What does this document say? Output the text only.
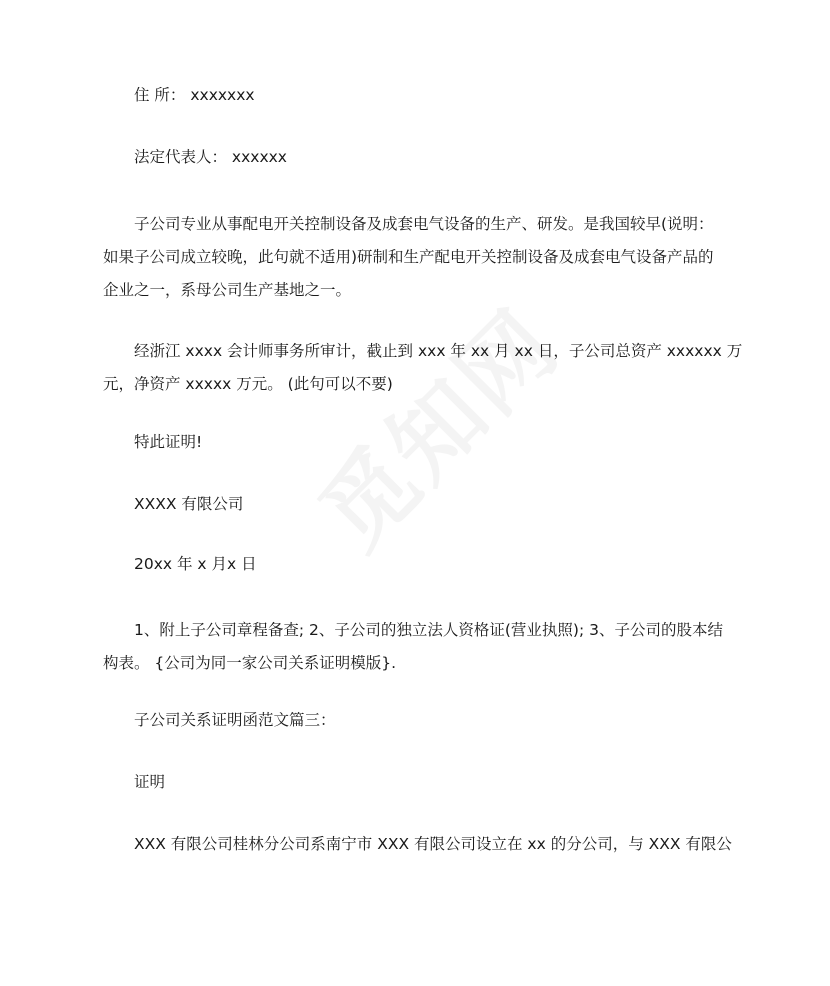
住 所： xxxxxxx

法定代表人： xxxxxx

子公司专业从事配电开关控制设备及成套电气设备的生产、研发。是我国较早(说明：
如果子公司成立较晚，此句就不适用)研制和生产配电开关控制设备及成套电气设备产品的
企业之一，系母公司生产基地之一。
经浙江 xxxx 会计师事务所审计，截止到 xxx 年 xx 月 xx 日，子公司总资产 xxxxxx 万
元，净资产 xxxxx 万元。 (此句可以不要)

特此证明!

XXXX 有限公司

20xx 年 x 月x 日

1、附上子公司章程备查; 2、子公司的独立法人资格证(营业执照); 3、子公司的股本结
构表。 {公司为同一家公司关系证明模版}.

子公司关系证明函范文篇三：

证明

XXX 有限公司桂林分公司系南宁市 XXX 有限公司设立在 xx 的分公司，与 XXX 有限公
